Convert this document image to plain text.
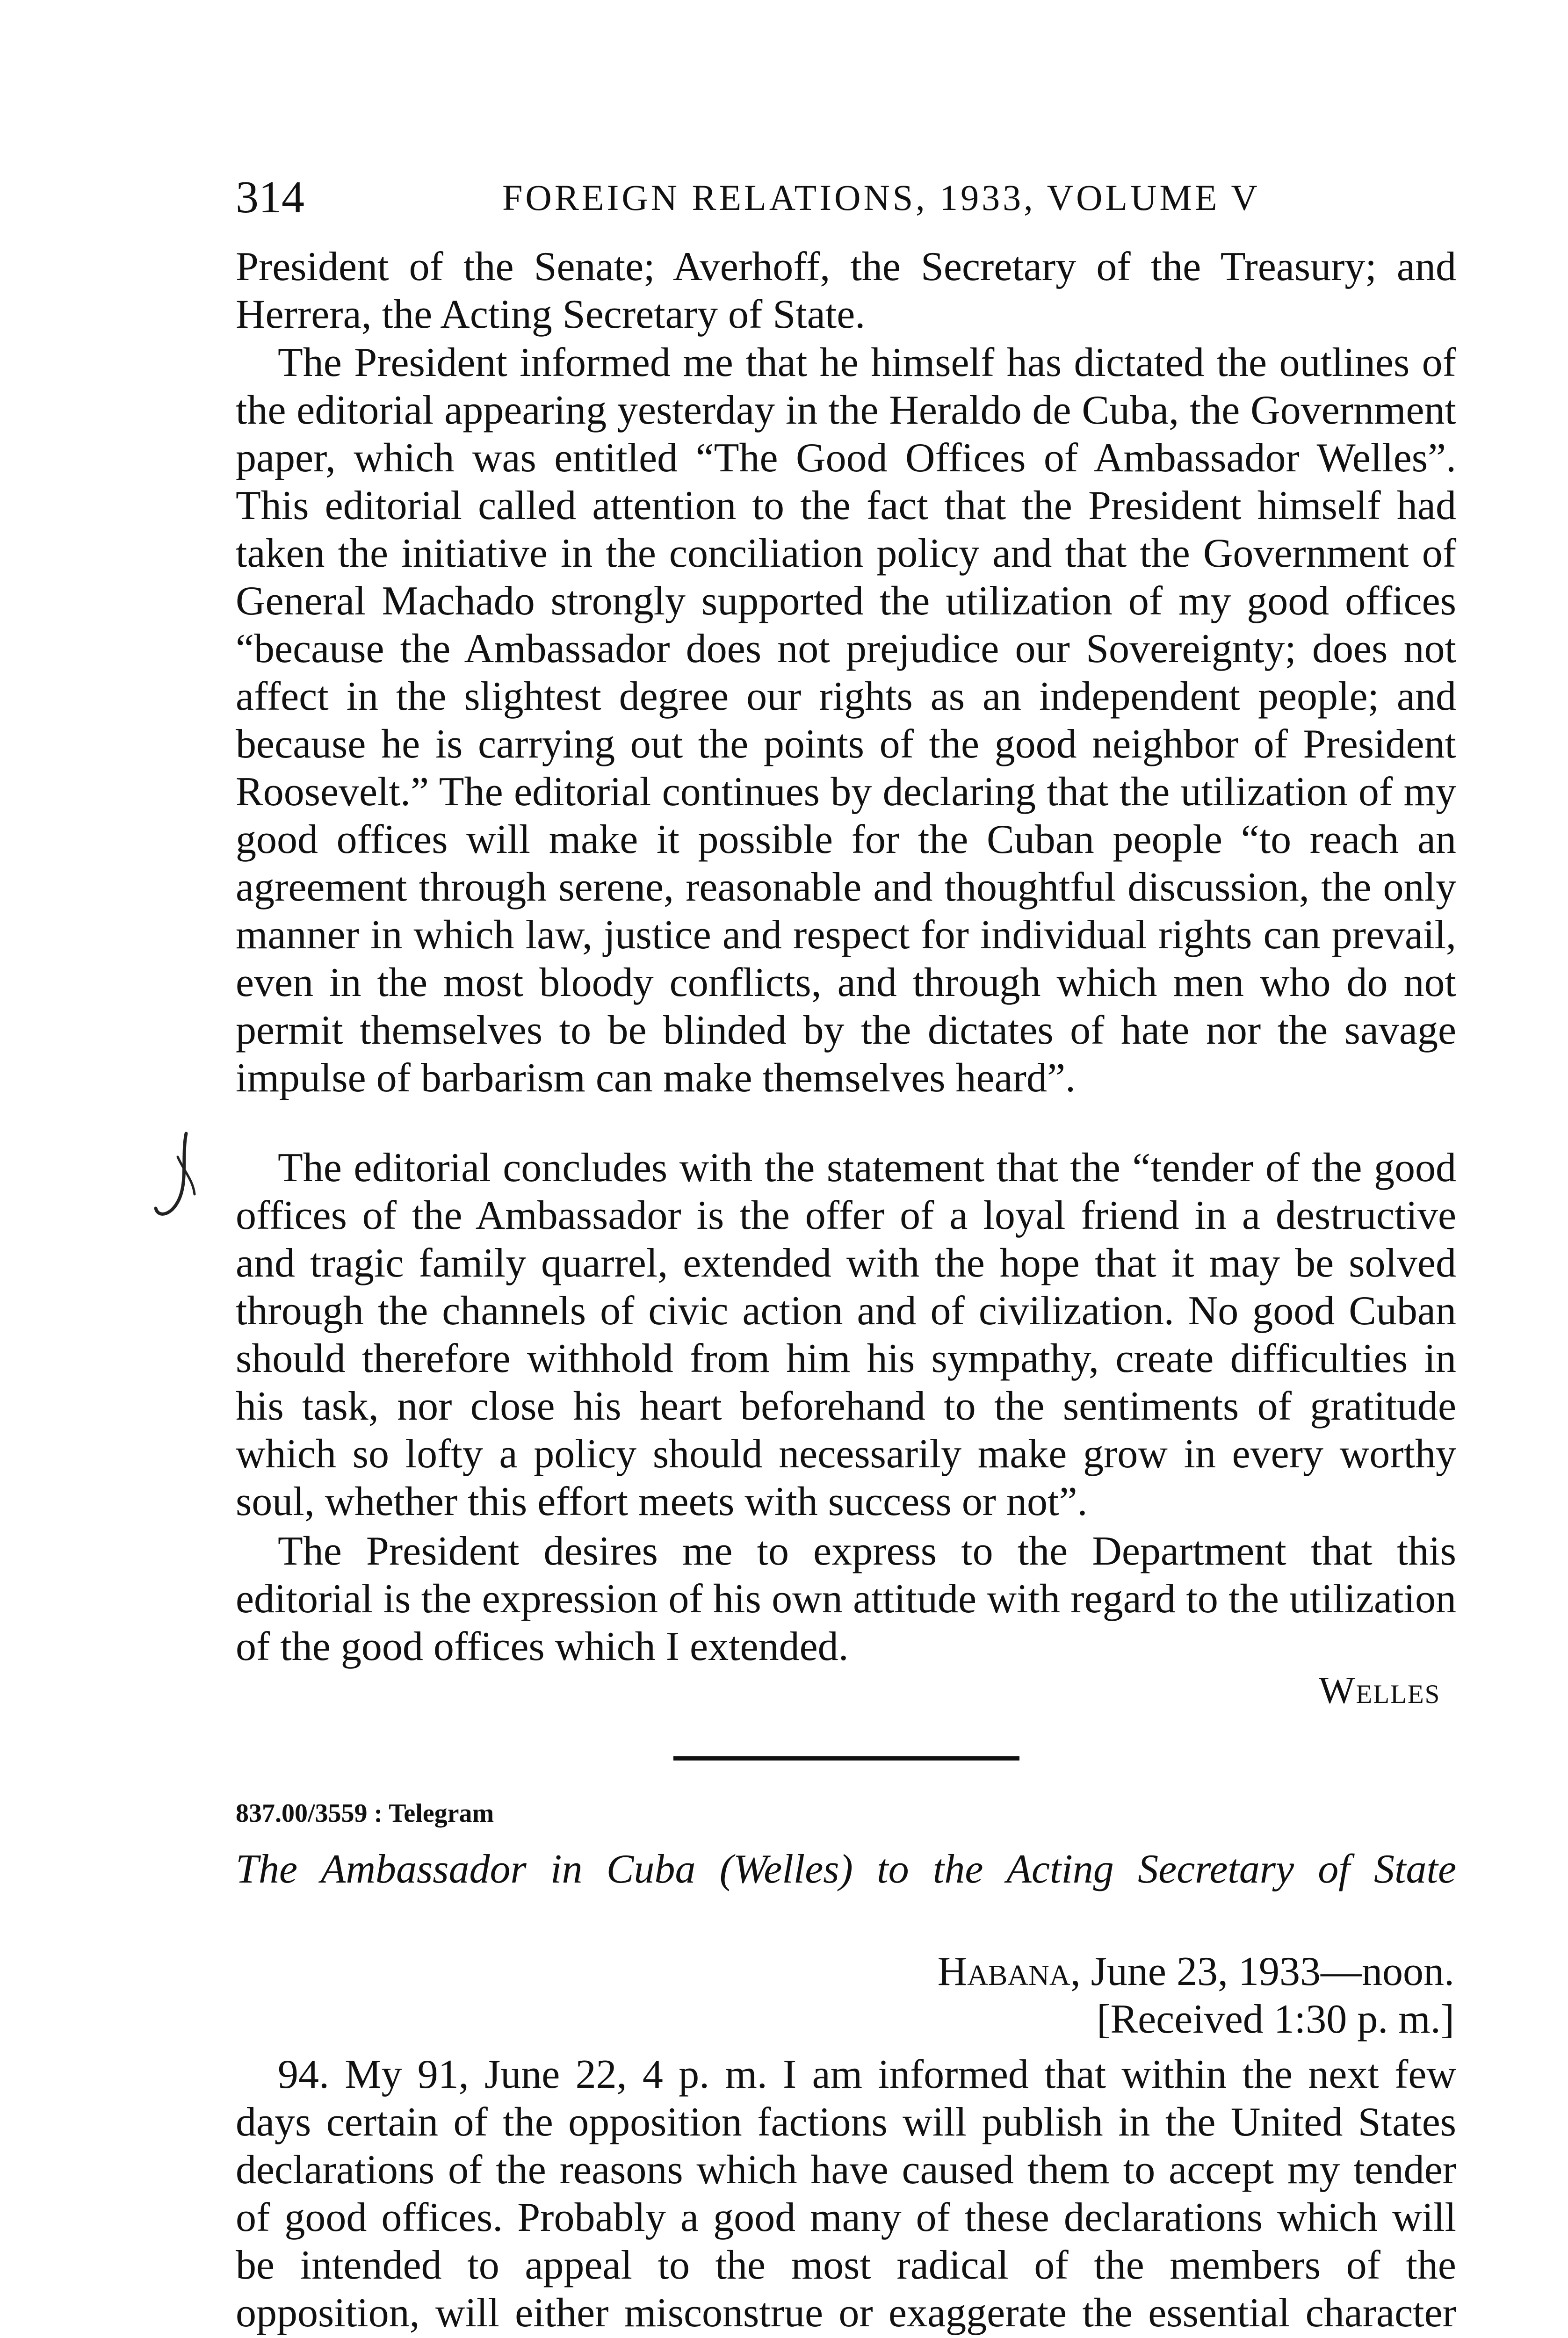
314	FOREIGN RELATIONS, 1933, VOLUME V

President of the Senate; Averhoff, the Secretary of the Treasury; and Herrera, the Acting Secretary of State.

The President informed me that he himself has dictated the outlines of the editorial appearing yesterday in the Heraldo de Cuba, the Government paper, which was entitled “The Good Offices of Ambassador Welles”. This editorial called attention to the fact that the President himself had taken the initiative in the conciliation policy and that the Government of General Machado strongly supported the utilization of my good offices “because the Ambassador does not prejudice our Sovereignty; does not affect in the slightest degree our rights as an independent people; and because he is carrying out the points of the good neighbor of President Roosevelt.” The editorial continues by declaring that the utilization of my good offices will make it possible for the Cuban people “to reach an agreement through serene, reasonable and thoughtful discussion, the only manner in which law, justice and respect for individual rights can prevail, even in the most bloody conflicts, and through which men who do not permit themselves to be blinded by the dictates of hate nor the savage impulse of barbarism can make themselves heard”.

The editorial concludes with the statement that the “tender of the good offices of the Ambassador is the offer of a loyal friend in a destructive and tragic family quarrel, extended with the hope that it may be solved through the channels of civic action and of civilization. No good Cuban should therefore withhold from him his sympathy, create difficulties in his task, nor close his heart beforehand to the sentiments of gratitude which so lofty a policy should necessarily make grow in every worthy soul, whether this effort meets with success or not”.

The President desires me to express to the Department that this editorial is the expression of his own attitude with regard to the utilization of the good offices which I extended.

Welles
837.00/3559 : Telegram
The Ambassador in Cuba (Welles) to the Acting Secretary of State
Habana, June 23, 1933—noon.
[Received 1:30 p. m.]

94. My 91, June 22, 4 p. m. I am informed that within the next few days certain of the opposition factions will publish in the United States declarations of the reasons which have caused them to accept my tender of good offices. Probably a good many of these declarations which will be intended to appeal to the most radical of the members of the opposition, will either misconstrue or exaggerate the essential character
